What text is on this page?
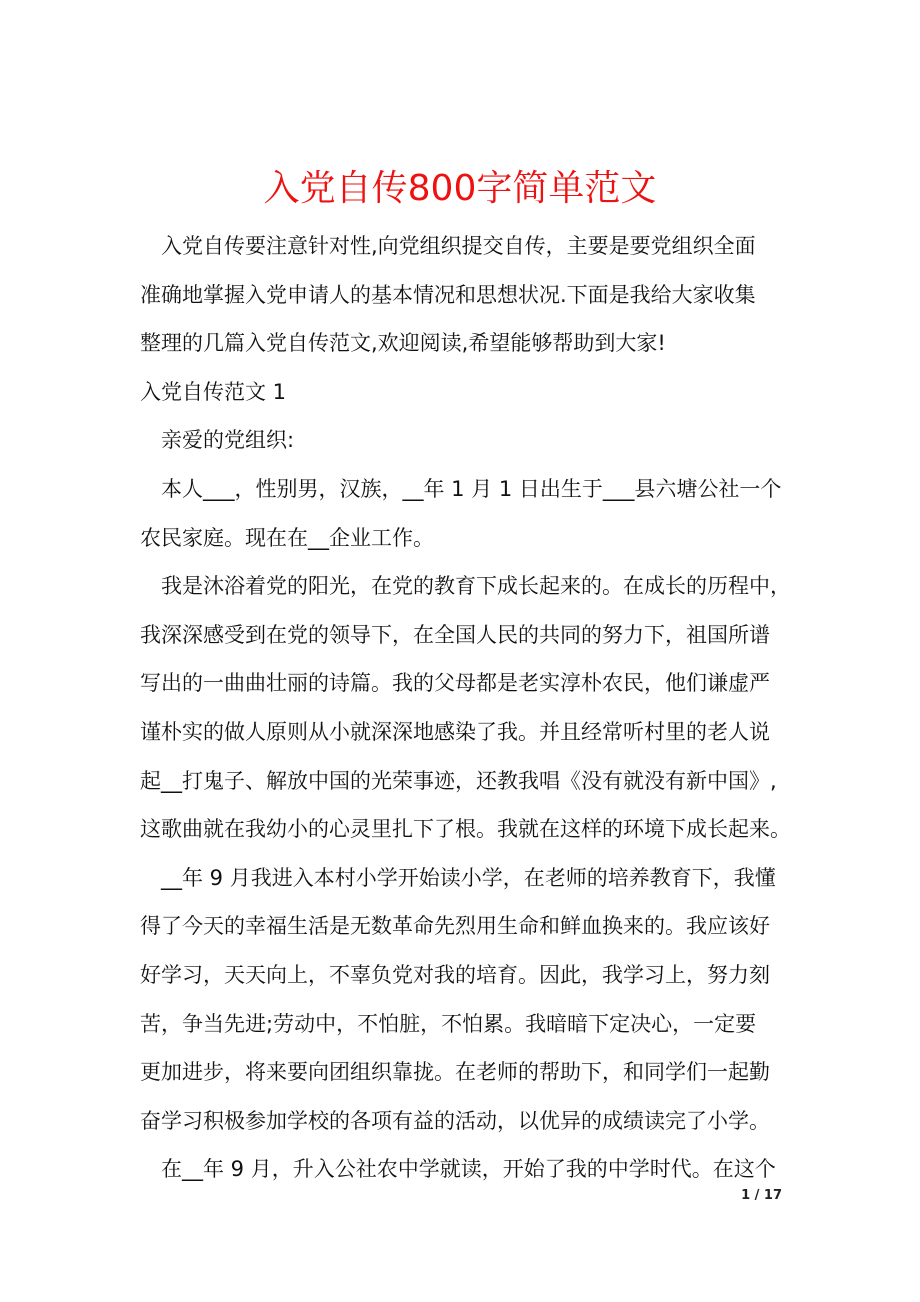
入党自传800字简单范文
入党自传要注意针对性,向党组织提交自传，主要是要党组织全面
准确地掌握入党申请人的基本情况和思想状况.下面是我给大家收集
整理的几篇入党自传范文,欢迎阅读,希望能够帮助到大家!
入党自传范文 1
亲爱的党组织:
本人___，性别男，汉族，__年 1 月 1 日出生于___县六塘公社一个
农民家庭。现在在__企业工作。
我是沐浴着党的阳光，在党的教育下成长起来的。在成长的历程中，
我深深感受到在党的领导下，在全国人民的共同的努力下，祖国所谱
写出的一曲曲壮丽的诗篇。我的父母都是老实淳朴农民，他们谦虚严
谨朴实的做人原则从小就深深地感染了我。并且经常听村里的老人说
起__打鬼子、解放中国的光荣事迹，还教我唱《没有就没有新中国》,
这歌曲就在我幼小的心灵里扎下了根。我就在这样的环境下成长起来。
__年 9 月我进入本村小学开始读小学，在老师的培养教育下，我懂
得了今天的幸福生活是无数革命先烈用生命和鲜血换来的。我应该好
好学习，天天向上，不辜负党对我的培育。因此，我学习上，努力刻
苦，争当先进;劳动中，不怕脏，不怕累。我暗暗下定决心，一定要
更加进步，将来要向团组织靠拢。在老师的帮助下，和同学们一起勤
奋学习积极参加学校的各项有益的活动，以优异的成绩读完了小学。
在__年 9 月，升入公社农中学就读，开始了我的中学时代。在这个
1 / 17
